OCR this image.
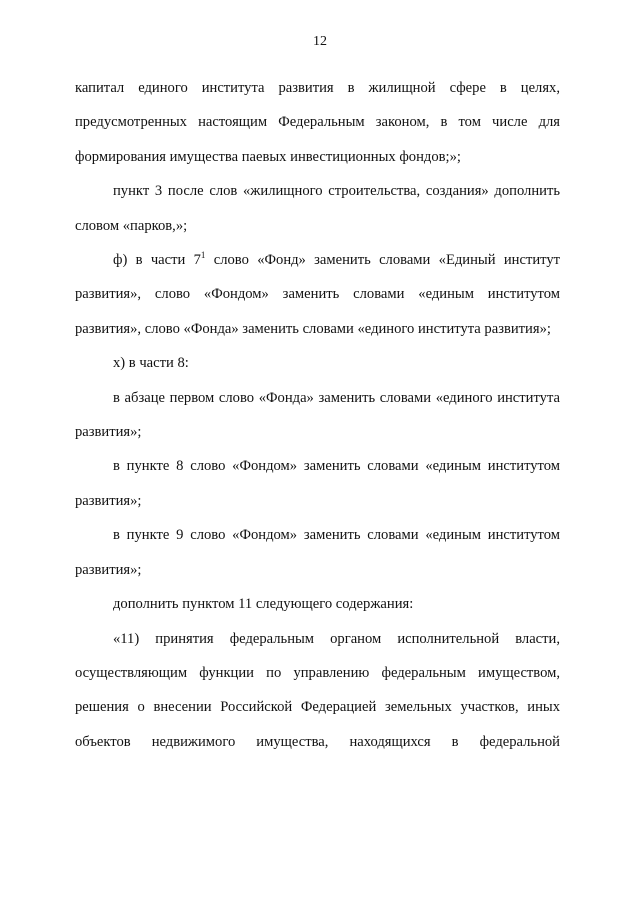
12

капитал единого института развития в жилищной сфере в целях, предусмотренных настоящим Федеральным законом, в том числе для формирования имущества паевых инвестиционных фондов;»;

пункт 3 после слов «жилищного строительства, создания» дополнить словом «парков,»;

ф) в части $7^1$ слово «Фонд» заменить словами «Единый институт развития», слово «Фондом» заменить словами «единым институтом развития», слово «Фонда» заменить словами «единого института развития»;

х) в части 8:

в абзаце первом слово «Фонда» заменить словами «единого института развития»;

в пункте 8 слово «Фондом» заменить словами «единым институтом развития»;

в пункте 9 слово «Фондом» заменить словами «единым институтом развития»;

дополнить пунктом 11 следующего содержания:

«11) принятия федеральным органом исполнительной власти, осуществляющим функции по управлению федеральным имуществом, решения о внесении Российской Федерацией земельных участков, иных объектов недвижимого имущества, находящихся в федеральной
